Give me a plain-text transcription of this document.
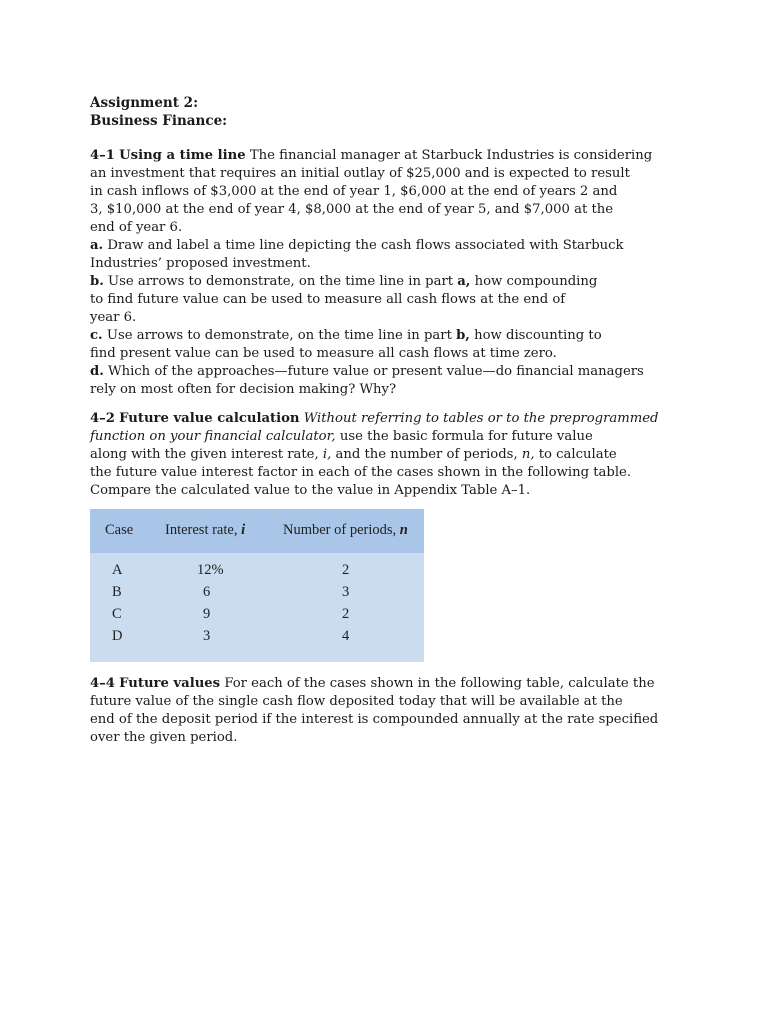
Assignment 2:
Business Finance:
4–1 Using a time line The financial manager at Starbuck Industries is considering
an investment that requires an initial outlay of $25,000 and is expected to result
in cash inflows of $3,000 at the end of year 1, $6,000 at the end of years 2 and
3, $10,000 at the end of year 4, $8,000 at the end of year 5, and $7,000 at the
end of year 6.
a. Draw and label a time line depicting the cash flows associated with Starbuck
Industries’ proposed investment.
b. Use arrows to demonstrate, on the time line in part a, how compounding
to find future value can be used to measure all cash flows at the end of
year 6.
c. Use arrows to demonstrate, on the time line in part b, how discounting to
find present value can be used to measure all cash flows at time zero.
d. Which of the approaches—future value or present value—do financial managers
rely on most often for decision making? Why?
4–2 Future value calculation Without referring to tables or to the preprogrammed
function on your financial calculator, use the basic formula for future value
along with the given interest rate, i, and the number of periods, n, to calculate
the future value interest factor in each of the cases shown in the following table.
Compare the calculated value to the value in Appendix Table A–1.
Case Interest rate, i	Number of periods, n
A	12%	2
B	6	3
C	9	2
D	3	4
4–4 Future values For each of the cases shown in the following table, calculate the
future value of the single cash flow deposited today that will be available at the
end of the deposit period if the interest is compounded annually at the rate specified
over the given period.
